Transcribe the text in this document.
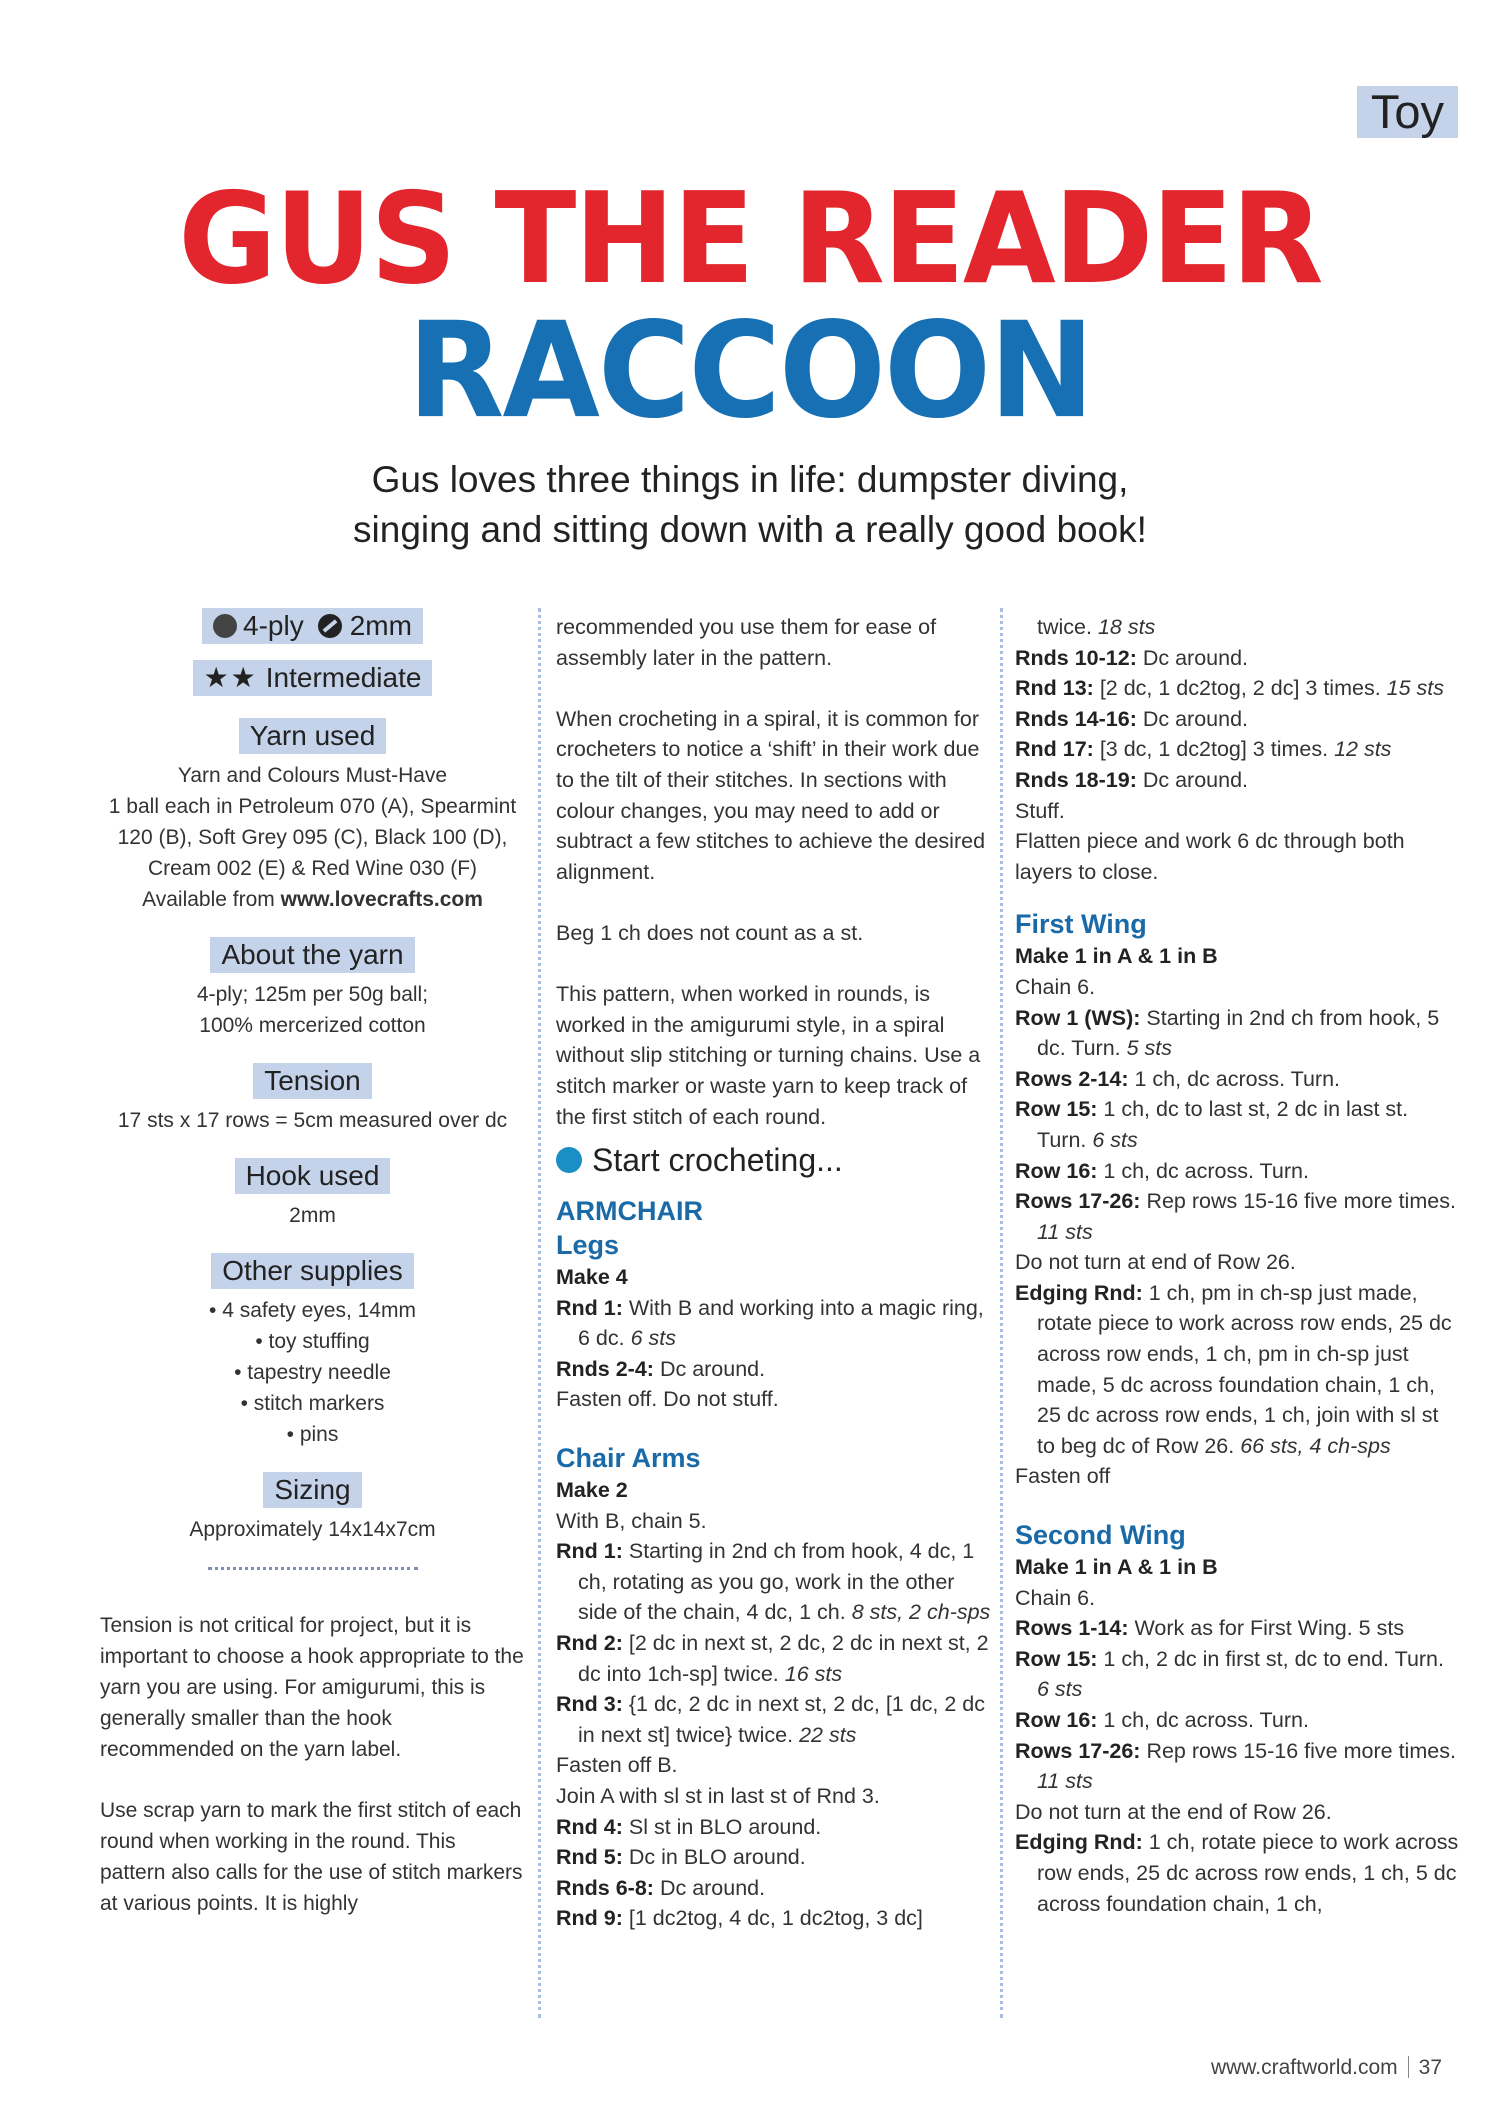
Toy
GUS THE READER
RACCOON
Gus loves three things in life: dumpster diving,
singing and sitting down with a really good book!
4-ply 2mm
★★ Intermediate
Yarn used

Yarn and Colours Must-Have

1 ball each in Petroleum 070 (A), Spearmint

120 (B), Soft Grey 095 (C), Black 100 (D),

Cream 002 (E) & Red Wine 030 (F)

Available from www.lovecrafts.com

About the yarn

4-ply; 125m per 50g ball;

100% mercerized cotton

Tension

17 sts x 17 rows = 5cm measured over dc

Hook used

2mm

Other supplies

• 4 safety eyes, 14mm

• toy stuffing

• tapestry needle

• stitch markers

• pins

Sizing

Approximately 14x14x7cm

Tension is not critical for project, but it is important to choose a hook appropriate to the yarn you are using. For amigurumi, this is generally smaller than the hook recommended on the yarn label.

Use scrap yarn to mark the first stitch of each round when working in the round. This pattern also calls for the use of stitch markers at various points. It is highly

recommended you use them for ease of assembly later in the pattern.

When crocheting in a spiral, it is common for crocheters to notice a ‘shift’ in their work due to the tilt of their stitches. In sections with colour changes, you may need to add or subtract a few stitches to achieve the desired alignment.

Beg 1 ch does not count as a st.

This pattern, when worked in rounds, is worked in the amigurumi style, in a spiral without slip stitching or turning chains. Use a stitch marker or waste yarn to keep track of the first stitch of each round.

Start crocheting...
ARMCHAIR
Legs

Make 4

Rnd 1: With B and working into a magic ring, 6 dc. 6 sts

Rnds 2-4: Dc around.

Fasten off. Do not stuff.

Chair Arms

Make 2

With B, chain 5.

Rnd 1: Starting in 2nd ch from hook, 4 dc, 1 ch, rotating as you go, work in the other side of the chain, 4 dc, 1 ch. 8 sts, 2 ch-sps

Rnd 2: [2 dc in next st, 2 dc, 2 dc in next st, 2 dc into 1ch-sp] twice. 16 sts

Rnd 3: {1 dc, 2 dc in next st, 2 dc, [1 dc, 2 dc in next st] twice} twice. 22 sts

Fasten off B.

Join A with sl st in last st of Rnd 3.

Rnd 4: Sl st in BLO around.

Rnd 5: Dc in BLO around.

Rnds 6-8: Dc around.

Rnd 9: [1 dc2tog, 4 dc, 1 dc2tog, 3 dc]

twice. 18 sts

Rnds 10-12: Dc around.

Rnd 13: [2 dc, 1 dc2tog, 2 dc] 3 times. 15 sts

Rnds 14-16: Dc around.

Rnd 17: [3 dc, 1 dc2tog] 3 times. 12 sts

Rnds 18-19: Dc around.

Stuff.

Flatten piece and work 6 dc through both layers to close.

First Wing

Make 1 in A & 1 in B

Chain 6.

Row 1 (WS): Starting in 2nd ch from hook, 5 dc. Turn. 5 sts

Rows 2-14: 1 ch, dc across. Turn.

Row 15: 1 ch, dc to last st, 2 dc in last st. Turn. 6 sts

Row 16: 1 ch, dc across. Turn.

Rows 17-26: Rep rows 15-16 five more times. 11 sts

Do not turn at end of Row 26.

Edging Rnd: 1 ch, pm in ch-sp just made, rotate piece to work across row ends, 25 dc across row ends, 1 ch, pm in ch-sp just made, 5 dc across foundation chain, 1 ch, 25 dc across row ends, 1 ch, join with sl st to beg dc of Row 26. 66 sts, 4 ch-sps

Fasten off

Second Wing

Make 1 in A & 1 in B

Chain 6.

Rows 1-14: Work as for First Wing. 5 sts

Row 15: 1 ch, 2 dc in first st, dc to end. Turn. 6 sts

Row 16: 1 ch, dc across. Turn.

Rows 17-26: Rep rows 15-16 five more times. 11 sts

Do not turn at the end of Row 26.

Edging Rnd: 1 ch, rotate piece to work across row ends, 25 dc across row ends, 1 ch, 5 dc across foundation chain, 1 ch,

www.craftworld.com 37
